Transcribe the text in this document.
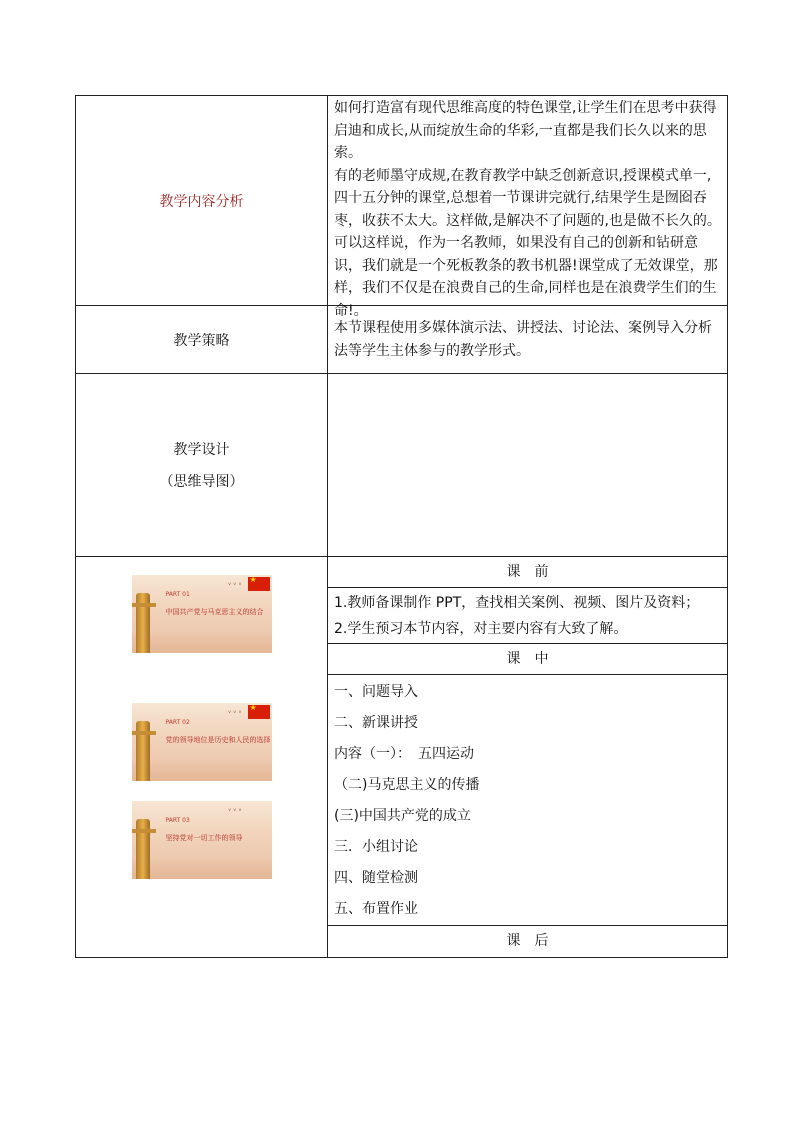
教学内容分析

如何打造富有现代思维高度的特色课堂,让学生们在思考中获得启迪和成长,从而绽放生命的华彩,一直都是我们长久以来的思索。

有的老师墨守成规,在教育教学中缺乏创新意识,授课模式单一,四十五分钟的课堂,总想着一节课讲完就行,结果学生是囫囵吞枣，收获不太大。这样做,是解决不了问题的,也是做不长久的。可以这样说，作为一名教师，如果没有自己的创新和钻研意识，我们就是一个死板教条的教书机器!课堂成了无效课堂，那样，我们不仅是在浪费自己的生命,同样也是在浪费学生们的生命!。

教学策略
本节课程使用多媒体演示法、讲授法、讨论法、案例导入分析法等学生主体参与的教学形式。
教学设计
（思维导图）
ᵥ ᵥ ᵥ
★
PART 01
中国共产党与马克思主义的结合
ᵥ ᵥ ᵥ
★
PART 02
党的领导地位是历史和人民的选择
ᵥ ᵥ ᵥ
PART 03
坚持党对一切工作的领导
课　前
1.教师备课制作 PPT，查找相关案例、视频、图片及资料；
2.学生预习本节内容，对主要内容有大致了解。
课　中
一、问题导入
二、新课讲授
内容（一）：　五四运动
（二)马克思主义的传播
(三)中国共产党的成立
三．小组讨论
四、随堂检测
五、布置作业
课　后
